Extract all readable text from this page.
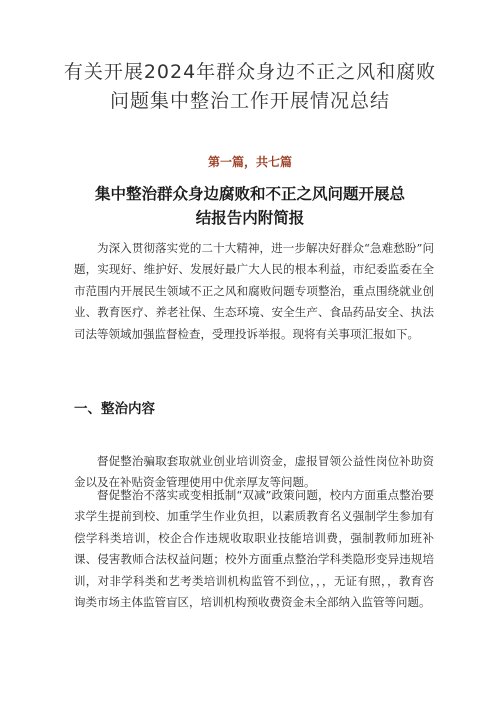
有关开展2024年群众身边不正之风和腐败
问题集中整治工作开展情况总结
第一篇，共七篇
集中整治群众身边腐败和不正之风问题开展总
结报告内附简报

为深入贯彻落实党的二十大精神，进一步解决好群众“急难愁盼”问题，实现好、维护好、发展好最广大人民的根本利益，市纪委监委在全市范围内开展民生领域不正之风和腐败问题专项整治，重点围绕就业创业、教育医疗、养老社保、生态环境、安全生产、食品药品安全、执法司法等领域加强监督检查，受理投诉举报。现将有关事项汇报如下。

一、整治内容

督促整治骗取套取就业创业培训资金，虚报冒领公益性岗位补助资金以及在补贴资金管理使用中优亲厚友等问题。

督促整治不落实或变相抵制“双减”政策问题，校内方面重点整治要求学生提前到校、加重学生作业负担，以素质教育名义强制学生参加有偿学科类培训，校企合作违规收取职业技能培训费，强制教师加班补课、侵害教师合法权益问题；校外方面重点整治学科类隐形变异违规培训，对非学科类和艺考类培训机构监管不到位，，，无证有照，，教育咨询类市场主体监管盲区，培训机构预收费资金未全部纳入监管等问题。
